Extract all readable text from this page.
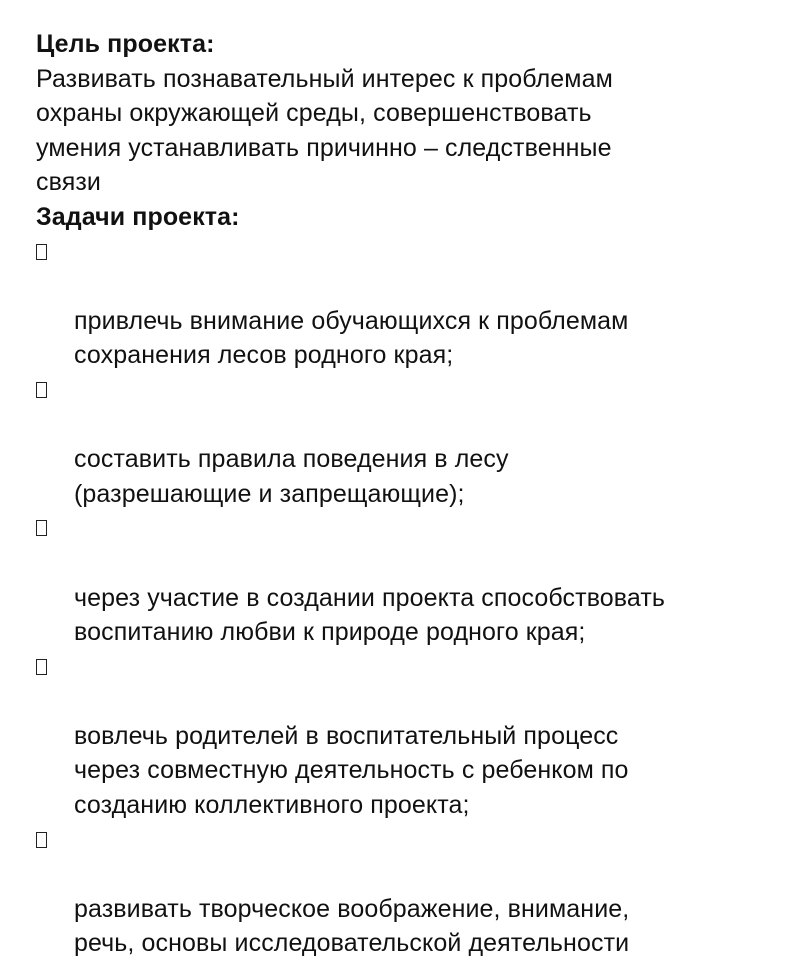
Цель проекта:

Развивать познавательный интерес к проблемам
охраны окружающей среды, совершенствовать
умения устанавливать причинно – следственные
связи

Задачи проекта:

привлечь внимание обучающихся к проблемам
сохранения лесов родного края;

составить правила поведения в лесу
(разрешающие и запрещающие);

через участие в создании проекта способствовать
воспитанию любви к природе родного края;

вовлечь родителей в воспитательный процесс
через совместную деятельность с ребенком по
созданию коллективного проекта;

развивать творческое воображение, внимание,
речь, основы исследовательской деятельности
